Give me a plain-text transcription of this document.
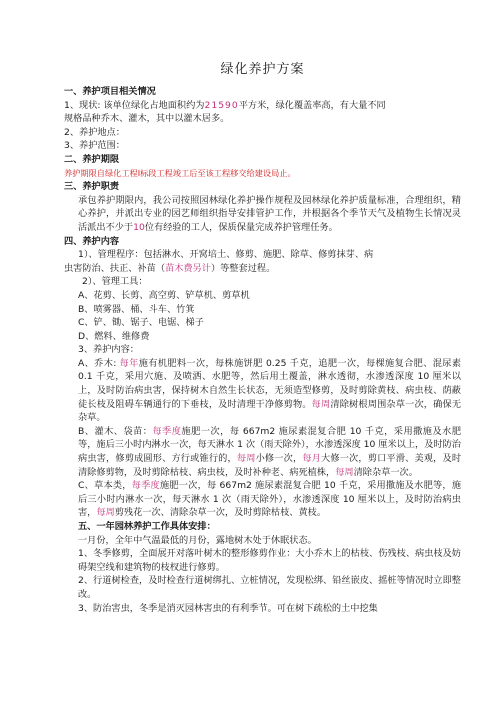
绿化养护方案

一、养护项目相关情况

1、现状: 该单位绿化占地面积约为21590平方米，绿化覆盖率高，有大量不同

规格品种乔木、灌木，其中以灌木居多。

2、养护地点：

3、养护范围：

二、养护期限

养护期限自绿化工程Ⅰ标段工程竣工后至该工程移交给建设局止。

三、养护职责

承包养护期限内，我公司按照园林绿化养护操作规程及园林绿化养护质量标准，合理组织，精心养护，并派出专业的园艺师组织指导安排管护工作，并根据各个季节天气及植物生长情况灵活派出不少于10位有经验的工人，保质保量完成养护管理任务。

四、养护内容

1）、管理程序：包括淋水、开窝培土、修剪、施肥、除草、修剪抹芽、病

虫害防治、扶正、补苗（苗木费另计）等整套过程。

2）、管理工具：

A、花剪、长剪、高空剪、铲草机、剪草机

B、喷雾器、桶、斗车、竹箕

C、铲、锄、锯子、电锯、梯子

D、燃料、维修费

3、养护内容：

A、乔木: 每年施有机肥料一次，每株施饼肥 0.25 千克，追肥一次，每棵施复合肥、混尿素 0.1 千克，采用穴施、及喷洒、水肥等，然后用土覆盖，淋水透彻，水渗透深度 10 厘米以上，及时防治病虫害，保持树木自然生长状态，无须造型修剪，及时剪除黄枝、病虫枝、荫蔽徒长枝及阻碍车辆通行的下垂枝，及时清理干净修剪物。每周清除树根周围杂草一次，确保无杂草。

B、灌木、袋苗：每季度施肥一次，每 667m2 施尿素混复合肥 10 千克，采用撒施及水肥等，施后三小时内淋水一次，每天淋水 1 次（雨天除外），水渗透深度 10 厘米以上，及时防治病虫害，修剪成圆形、方行或锥行的，每周小修一次，每月大修一次，剪口平滑、美观，及时清除修剪物，及时剪除枯枝、病虫枝，及时补种老、病死植株，每周清除杂草一次。

C、草本类，每季度施肥一次，每 667m2 施尿素混复合肥 10 千克，采用撒施及水肥等，施后三小时内淋水一次，每天淋水 1 次（雨天除外），水渗透深度 10 厘米以上，及时防治病虫害，每周剪残花一次、清除杂草一次，及时剪除枯枝、黄枝。

五、一年园林养护工作具体安排：

一月份，全年中气温最低的月份，露地树木处于休眠状态。

1、冬季修剪，全面展开对落叶树木的整形修剪作业：大小乔木上的枯枝、伤残枝、病虫枝及妨碍架空线和建筑物的枝杈进行修剪。

2、行道树检查，及时检查行道树绑扎、立桩情况，发现松绑、铅丝嵌皮、摇桩等情况时立即整改。

3、防治害虫，冬季是消灭园林害虫的有利季节。可在树下疏松的土中挖集
